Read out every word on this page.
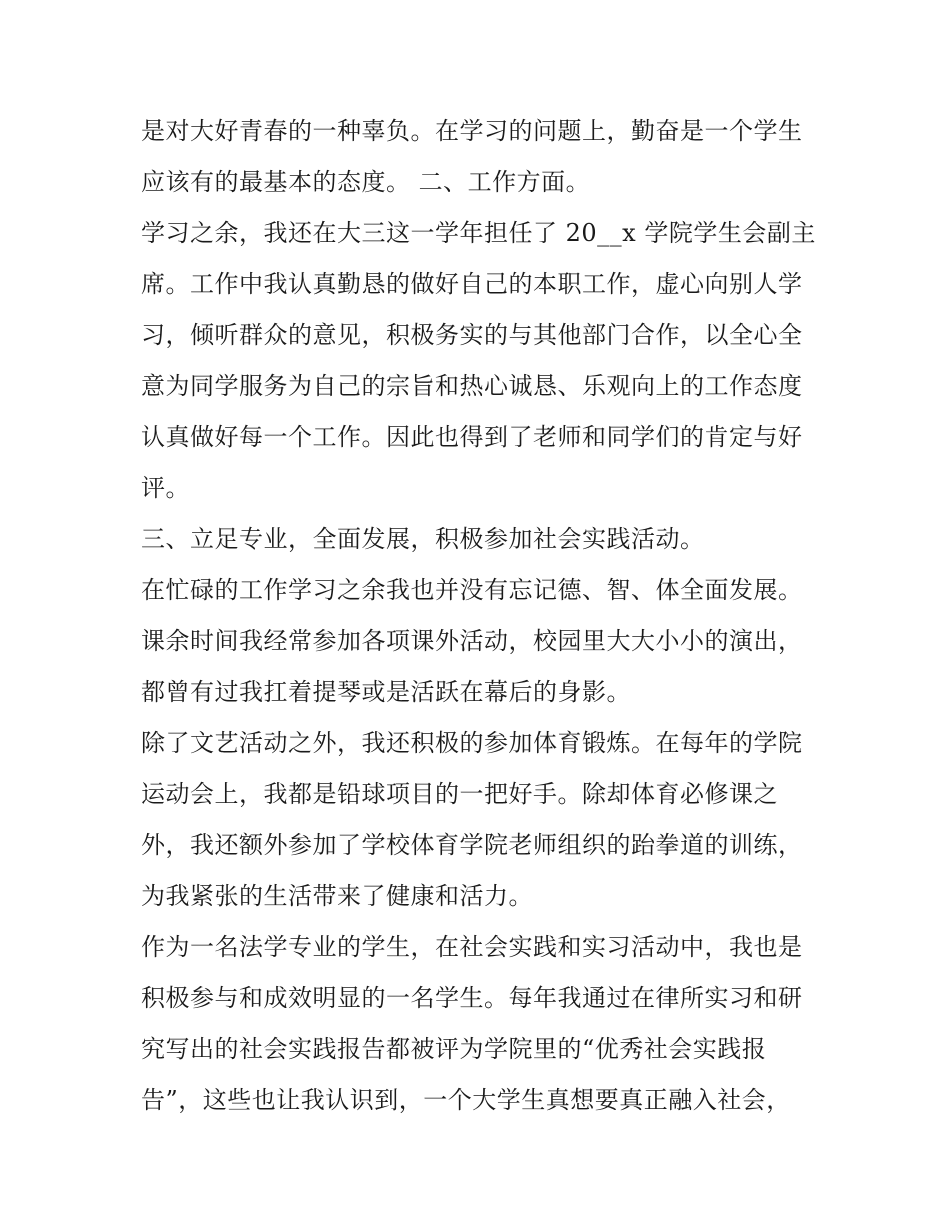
是对大好青春的一种辜负。在学习的问题上，勤奋是一个学生
应该有的最基本的态度。 二、工作方面。
学习之余，我还在大三这一学年担任了 20__x 学院学生会副主
席。工作中我认真勤恳的做好自己的本职工作，虚心向别人学
习，倾听群众的意见，积极务实的与其他部门合作，以全心全
意为同学服务为自己的宗旨和热心诚恳、乐观向上的工作态度
认真做好每一个工作。因此也得到了老师和同学们的肯定与好
评。
三、立足专业，全面发展，积极参加社会实践活动。
在忙碌的工作学习之余我也并没有忘记德、智、体全面发展。
课余时间我经常参加各项课外活动，校园里大大小小的演出，
都曾有过我扛着提琴或是活跃在幕后的身影。
除了文艺活动之外，我还积极的参加体育锻炼。在每年的学院
运动会上，我都是铅球项目的一把好手。除却体育必修课之
外，我还额外参加了学校体育学院老师组织的跆拳道的训练，
为我紧张的生活带来了健康和活力。
作为一名法学专业的学生，在社会实践和实习活动中，我也是
积极参与和成效明显的一名学生。每年我通过在律所实习和研
究写出的社会实践报告都被评为学院里的“优秀社会实践报
告”，这些也让我认识到，一个大学生真想要真正融入社会，
